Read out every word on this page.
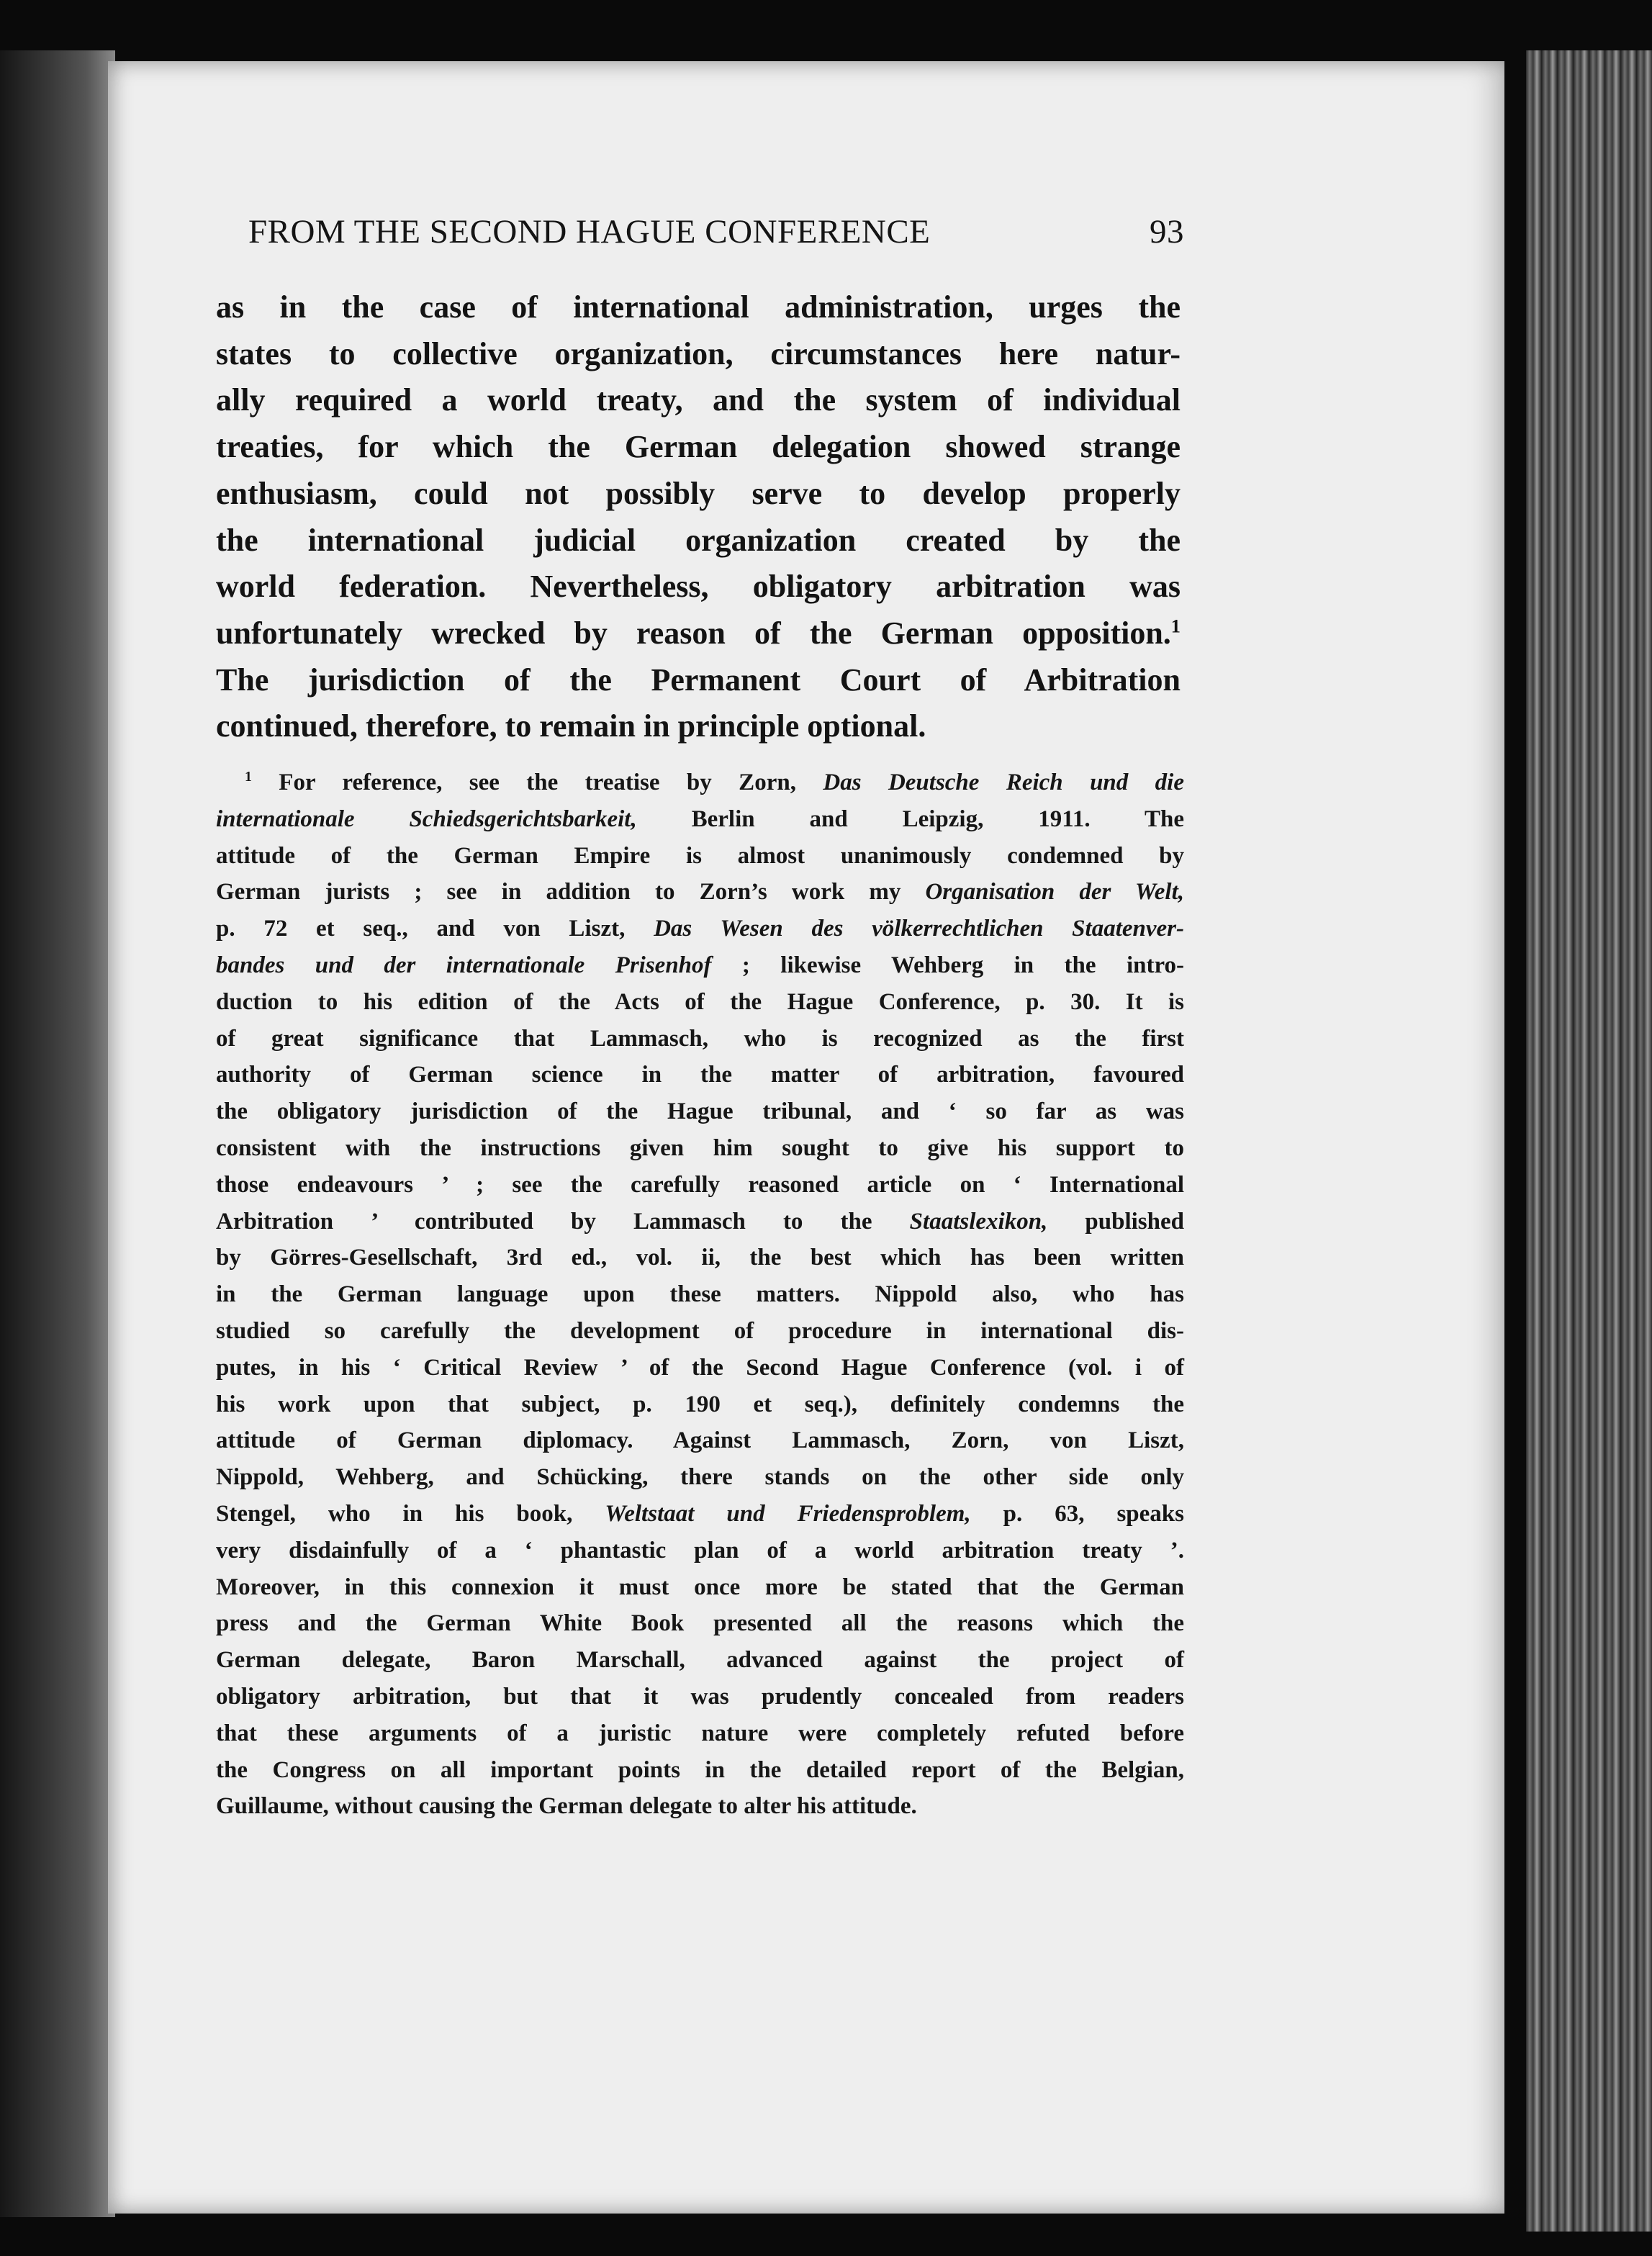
FROM THE SECOND HAGUE CONFERENCE	93
as in the case of international administration, urges the
states to collective organization, circumstances here natur-
ally required a world treaty, and the system of individual
treaties, for which the German delegation showed strange
enthusiasm, could not possibly serve to develop properly
the international judicial organization created by the
world federation. Nevertheless, obligatory arbitration was
unfortunately wrecked by reason of the German opposition.$^1$
The jurisdiction of the Permanent Court of Arbitration
continued, therefore, to remain in principle optional.
$^1$ For reference, see the treatise by Zorn, Das Deutsche Reich und die
internationale Schiedsgerichtsbarkeit, Berlin and Leipzig, 1911. The
attitude of the German Empire is almost unanimously condemned by
German jurists ; see in addition to Zorn’s work my Organisation der Welt,
p. 72 et seq., and von Liszt, Das Wesen des völkerrechtlichen Staatenver-
bandes und der internationale Prisenhof ; likewise Wehberg in the intro-
duction to his edition of the Acts of the Hague Conference, p. 30. It is
of great significance that Lammasch, who is recognized as the first
authority of German science in the matter of arbitration, favoured
the obligatory jurisdiction of the Hague tribunal, and ‘ so far as was
consistent with the instructions given him sought to give his support to
those endeavours ’ ; see the carefully reasoned article on ‘ International
Arbitration ’ contributed by Lammasch to the Staatslexikon, published
by Görres-Gesellschaft, 3rd ed., vol. ii, the best which has been written
in the German language upon these matters. Nippold also, who has
studied so carefully the development of procedure in international dis-
putes, in his ‘ Critical Review ’ of the Second Hague Conference (vol. i of
his work upon that subject, p. 190 et seq.), definitely condemns the
attitude of German diplomacy. Against Lammasch, Zorn, von Liszt,
Nippold, Wehberg, and Schücking, there stands on the other side only
Stengel, who in his book, Weltstaat und Friedensproblem, p. 63, speaks
very disdainfully of a ‘ phantastic plan of a world arbitration treaty ’.
Moreover, in this connexion it must once more be stated that the German
press and the German White Book presented all the reasons which the
German delegate, Baron Marschall, advanced against the project of
obligatory arbitration, but that it was prudently concealed from readers
that these arguments of a juristic nature were completely refuted before
the Congress on all important points in the detailed report of the Belgian,
Guillaume, without causing the German delegate to alter his attitude.
